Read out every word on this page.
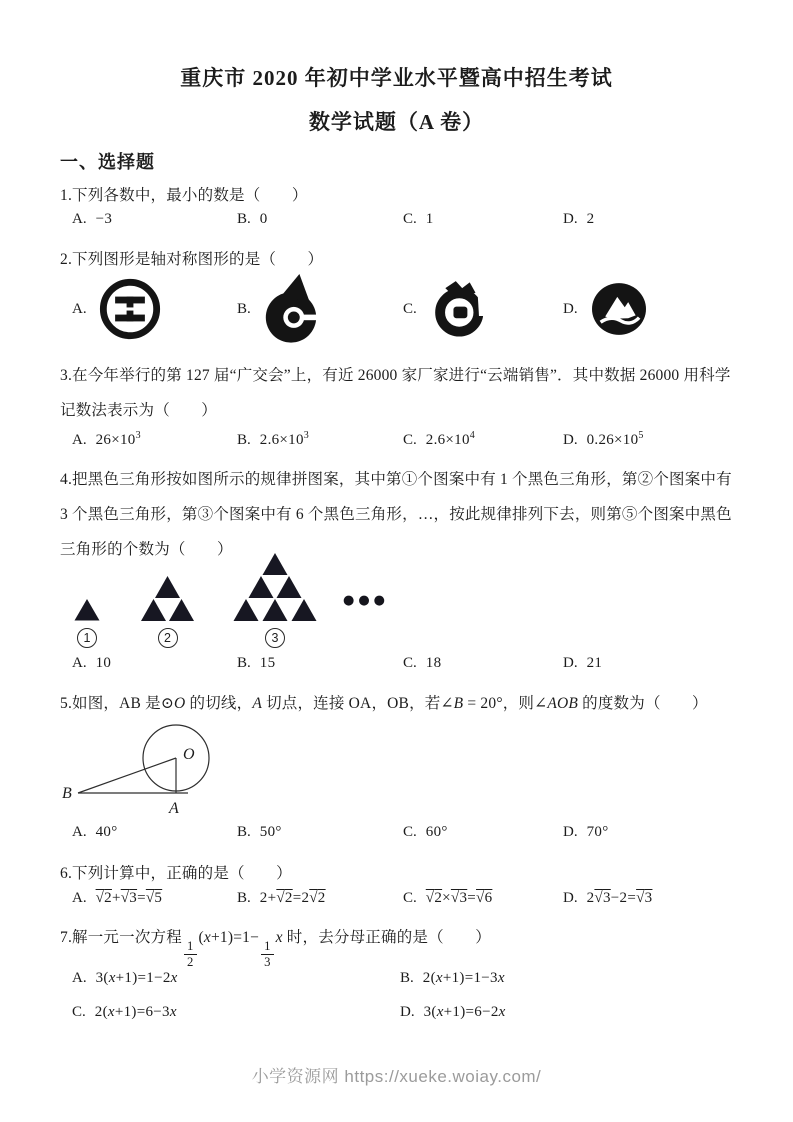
重庆市 2020 年初中学业水平暨高中招生考试
数学试题（A 卷）
一、选择题
1.下列各数中，最小的数是（　　）
A. −3	B. 0	C. 1	D. 2
2.下列图形是轴对称图形的是（　　）
A.	B.	C.	D.
3.在今年举行的第 127 届“广交会”上，有近 26000 家厂家进行“云端销售”．其中数据 26000 用科学记数法表示为（　　）
A. $26\times 10^3$	B. $2.6\times 10^3$	C. $2.6\times 10^4$	D. $0.26\times 10^5$
4.把黑色三角形按如图所示的规律拼图案，其中第①个图案中有 1 个黑色三角形，第②个图案中有 3 个黑色三角形，第③个图案中有 6 个黑色三角形，…，按此规律排列下去，则第⑤个图案中黑色三角形的个数为（　　）
1	2	3
●●●
A. 10	B. 15	C. 18	D. 21
5.如图，AB 是⊙O 的切线，A 切点，连接 OA，OB，若∠B = 20°，则∠AOB 的度数为（　　）
O
A
B
A. 40°	B. 50°	C. 60°	D. 70°
6.下列计算中，正确的是（　　）
A.	√ 2+ √ 3= √ 5	B. 2+ √ 2=2 √ 2	C.	√ 2× √ 3= √ 6	D. 2 √ 3−2= √ 3
7.解一元一次方程
$\frac{1}{2}$
(x+1)=1−
$\frac{1}{3}$
x 时，去分母正确的是（　　）
A. 3(x+1)=1−2x	B. 2(x+1)=1−3x
C. 2(x+1)=6−3x	D. 3(x+1)=6−2x
小学资源网 https://xueke.woiay.com/
